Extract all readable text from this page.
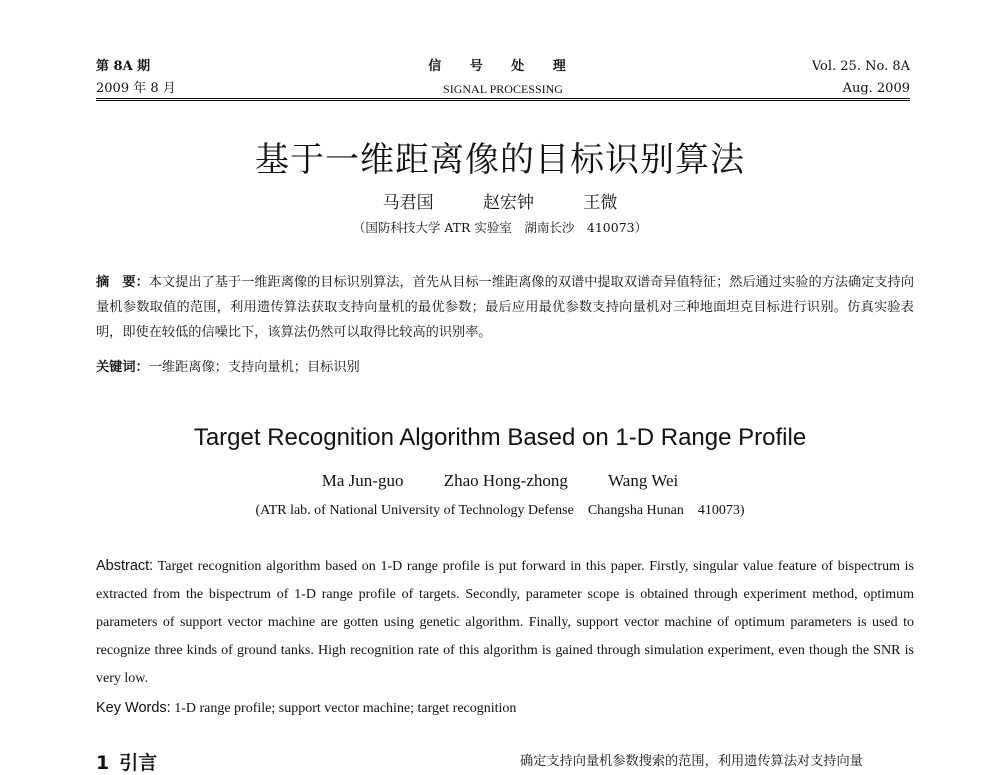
第 8A 期	信 号 处 理	Vol. 25. No. 8A
2009 年 8 月	SIGNAL PROCESSING	Aug. 2009
基于一维距离像的目标识别算法
马君国	赵宏钟	王微
（国防科技大学 ATR 实验室　湖南长沙　410073）
摘　要：本文提出了基于一维距离像的目标识别算法，首先从目标一维距离像的双谱中提取双谱奇异值特征；然后通过实验的方法确定支持向量机参数取值的范围，利用遗传算法获取支持向量机的最优参数；最后应用最优参数支持向量机对三种地面坦克目标进行识别。仿真实验表明，即使在较低的信噪比下，该算法仍然可以取得比较高的识别率。
关键词：一维距离像；支持向量机；目标识别
Target Recognition Algorithm Based on 1-D Range Profile
Ma Jun-guo Zhao Hong-zhong Wang Wei
(ATR lab. of National University of Technology Defense　Changsha Hunan　410073)
Abstract: Target recognition algorithm based on 1-D range profile is put forward in this paper. Firstly, singular value feature of bispectrum is extracted from the bispectrum of 1-D range profile of targets. Secondly, parameter scope is obtained through experiment method, optimum parameters of support vector machine are gotten using genetic algorithm. Finally, support vector machine of optimum parameters is used to recognize three kinds of ground tanks. High recognition rate of this algorithm is gained through simulation experiment, even though the SNR is very low.
Key Words: 1-D range profile; support vector machine; target recognition
1 引言	确定支持向量机参数搜索的范围，利用遗传算法对支持向量
